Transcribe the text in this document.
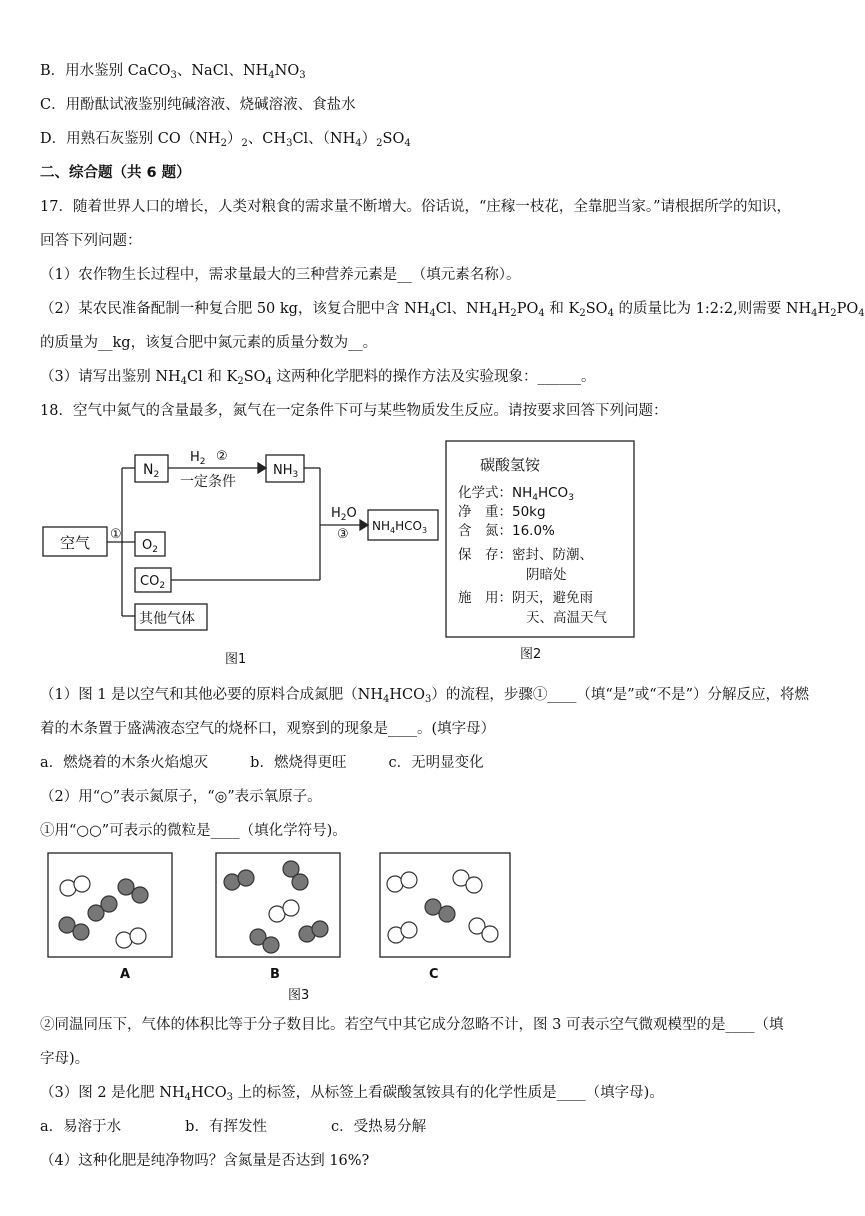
B．用水鉴别 CaCO$_3$、NaCl、$NH_4NO_3$
C．用酚酞试液鉴别纯碱溶液、烧碱溶液、食盐水
D．用熟石灰鉴别 $CO(NH_2)_2$、$CH_3Cl$、$(NH_4)_2SO_4$
二、综合题（共 6 题）
17．随着世界人口的增长，人类对粮食的需求量不断增大。俗话说，“庄稼一枝花，全靠肥当家。”请根据所学的知识，
回答下列问题：
（1）农作物生长过程中，需求量最大的三种营养元素是__（填元素名称）。
（2）某农民准备配制一种复合肥 50 kg，该复合肥中含 $NH_4Cl$、$NH_4H_2PO_4$ 和 $K_2SO_4$ 的质量比为 1:2:2,则需要 $NH_4H_2PO_4$
的质量为__kg，该复合肥中氮元素的质量分数为__。
（3）请写出鉴别 $NH_4Cl$ 和 $K_2SO_4$ 这两种化学肥料的操作方法及实验现象：______。
18．空气中氮气的含量最多，氮气在一定条件下可与某些物质发生反应。请按要求回答下列问题：
空气 ①
$N_2$
$H_2$ ②
一定条件
$NH_3$
$O_2$
$CO_2$
其他气体
$H_2O$
③
$NH_4HCO_3$
图1
碳酸氢铵
化学式：$NH_4HCO_3$
净　重：50kg
含　氮：16.0%
保　存：密封、防潮、
阴暗处
施　用：阴天，避免雨
天、高温天气
图2
（1）图 1 是以空气和其他必要的原料合成氮肥$(NH_4HCO_3)$的流程，步骤①____（填“是”或“不是”）分解反应，将燃
着的木条置于盛满液态空气的烧杯口，观察到的现象是____。(填字母）
a．燃烧着的木条火焰熄灭	b．燃烧得更旺	c．无明显变化
（2）用“○”表示氮原子，“◎”表示氧原子。
①用“○○”可表示的微粒是____（填化学符号)。
A	B	C
图3
②同温同压下，气体的体积比等于分子数目比。若空气中其它成分忽略不计，图 3 可表示空气微观模型的是____（填
字母)。
（3）图 2 是化肥 $NH_4HCO_3$ 上的标签，从标签上看碳酸氢铵具有的化学性质是____（填字母)。
a．易溶于水	b．有挥发性	c．受热易分解
（4）这种化肥是纯净物吗？含氮量是否达到 16%?
